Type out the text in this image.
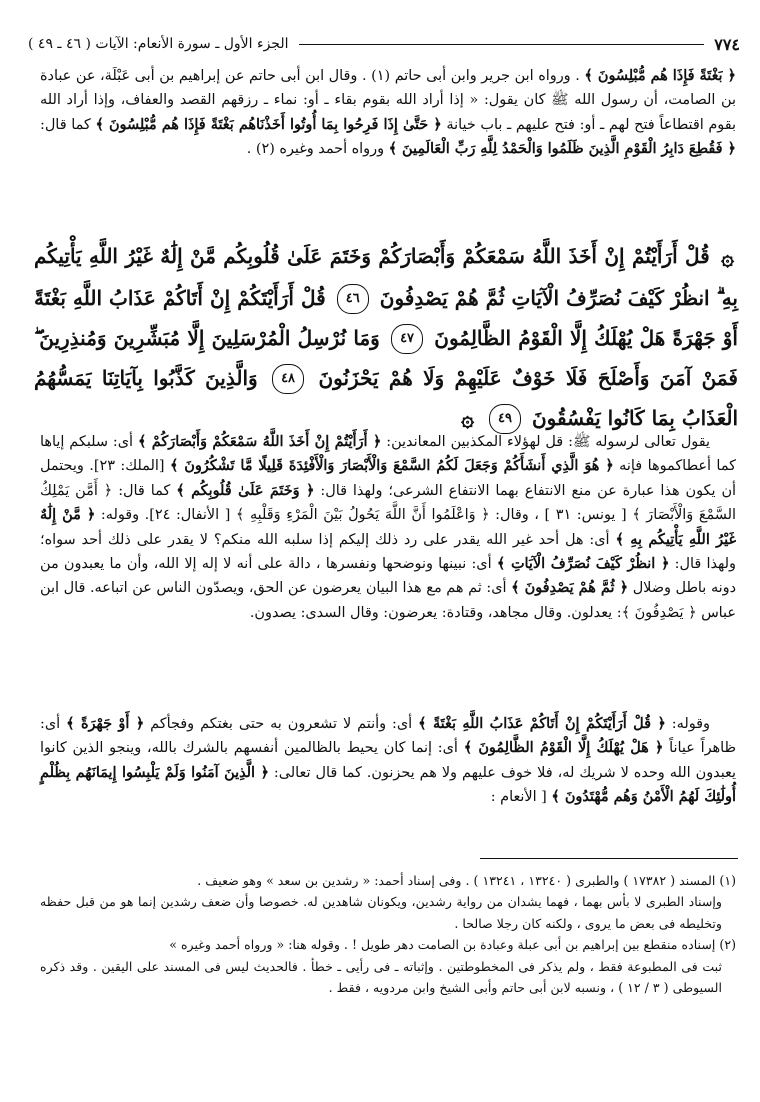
٧٧٤
الجزء الأول ـ سورة الأنعام: الآيات ( ٤٦ ـ ٤٩ )

﴿ بَغْتَةً فَإِذَا هُم مُّبْلِسُونَ ﴾ . ورواه ابن جرير وابن أبى حاتم (١) . وقال ابن أبى حاتم عن إبراهيم بن أبى عَبْلَة، عن عبادة بن الصامت، أن رسول الله ﷺ كان يقول: « إذا أراد الله بقوم بقاء ـ أو: نماء ـ رزقهم القصد والعفاف، وإذا أراد الله بقوم اقتطاعاً فتح لهم ـ أو: فتح عليهم ـ باب خيانة ﴿ حَتَّىٰ إِذَا فَرِحُوا بِمَا أُوتُوا أَخَذْنَاهُم بَغْتَةً فَإِذَا هُم مُّبْلِسُونَ ﴾ كما قال: ﴿ فَقُطِعَ دَابِرُ الْقَوْمِ الَّذِينَ ظَلَمُوا وَالْحَمْدُ لِلَّهِ رَبِّ الْعَالَمِينَ ﴾ ورواه أحمد وغيره (٢) .

۞ قُلْ أَرَأَيْتُمْ إِنْ أَخَذَ اللَّهُ سَمْعَكُمْ وَأَبْصَارَكُمْ وَخَتَمَ عَلَىٰ قُلُوبِكُم مَّنْ إِلَٰهٌ غَيْرُ اللَّهِ يَأْتِيكُم بِهِ ۗ انظُرْ كَيْفَ نُصَرِّفُ الْآيَاتِ ثُمَّ هُمْ يَصْدِفُونَ ٤٦ قُلْ أَرَأَيْتَكُمْ إِنْ أَتَاكُمْ عَذَابُ اللَّهِ بَغْتَةً أَوْ جَهْرَةً هَلْ يُهْلَكُ إِلَّا الْقَوْمُ الظَّالِمُونَ ٤٧ وَمَا نُرْسِلُ الْمُرْسَلِينَ إِلَّا مُبَشِّرِينَ وَمُنذِرِينَ ۖ فَمَنْ آمَنَ وَأَصْلَحَ فَلَا خَوْفٌ عَلَيْهِمْ وَلَا هُمْ يَحْزَنُونَ ٤٨ وَالَّذِينَ كَذَّبُوا بِآيَاتِنَا يَمَسُّهُمُ الْعَذَابُ بِمَا كَانُوا يَفْسُقُونَ ٤٩ ۞

يقول تعالى لرسوله ﷺ: قل لهؤلاء المكذبين المعاندين: ﴿ أَرَأَيْتُمْ إِنْ أَخَذَ اللَّهُ سَمْعَكُمْ وَأَبْصَارَكُمْ ﴾ أى: سلبكم إياها كما أعطاكموها فإنه ﴿ هُوَ الَّذِي أَنشَأَكُمْ وَجَعَلَ لَكُمُ السَّمْعَ وَالْأَبْصَارَ وَالْأَفْئِدَةَ قَلِيلًا مَّا تَشْكُرُونَ ﴾ [الملك: ٢٣]. ويحتمل أن يكون هذا عبارة عن منع الانتفاع بهما الانتفاع الشرعى؛ ولهذا قال: ﴿ وَخَتَمَ عَلَىٰ قُلُوبِكُم ﴾ كما قال: ﴿ أَمَّن يَمْلِكُ السَّمْعَ وَالْأَبْصَارَ ﴾ [ يونس: ٣١ ] ، وقال: ﴿ وَاعْلَمُوا أَنَّ اللَّهَ يَحُولُ بَيْنَ الْمَرْءِ وَقَلْبِهِ ﴾ [ الأنفال: ٢٤]. وقوله: ﴿ مَّنْ إِلَٰهٌ غَيْرُ اللَّهِ يَأْتِيكُم بِهِ ﴾ أى: هل أحد غير الله يقدر على رد ذلك إليكم إذا سلبه الله منكم؟ لا يقدر على ذلك أحد سواه؛ ولهذا قال: ﴿ انظُرْ كَيْفَ نُصَرِّفُ الْآيَاتِ ﴾ أى: نبينها ونوضحها ونفسرها ، دالة على أنه لا إله إلا الله، وأن ما يعبدون من دونه باطل وضلال ﴿ ثُمَّ هُمْ يَصْدِفُونَ ﴾ أى: ثم هم مع هذا البيان يعرضون عن الحق، ويصدّون الناس عن اتباعه. قال ابن عباس ﴿ يَصْدِفُونَ ﴾: يعدلون. وقال مجاهد، وقتادة: يعرضون: وقال السدى: يصدون.

وقوله: ﴿ قُلْ أَرَأَيْتَكُمْ إِنْ أَتَاكُمْ عَذَابُ اللَّهِ بَغْتَةً ﴾ أى: وأنتم لا تشعرون به حتى بغتكم وفجأكم ﴿ أَوْ جَهْرَةً ﴾ أى: ظاهراً عياناً ﴿ هَلْ يُهْلَكُ إِلَّا الْقَوْمُ الظَّالِمُونَ ﴾ أى: إنما كان يحيط بالظالمين أنفسهم بالشرك بالله، وينجو الذين كانوا يعبدون الله وحده لا شريك له، فلا خوف عليهم ولا هم يحزنون. كما قال تعالى: ﴿ الَّذِينَ آمَنُوا وَلَمْ يَلْبِسُوا إِيمَانَهُم بِظُلْمٍ أُولَٰئِكَ لَهُمُ الْأَمْنُ وَهُم مُّهْتَدُونَ ﴾ [ الأنعام :

(١) المسند ( ١٧٣٨٢ ) والطبرى ( ١٣٢٤٠ ، ١٣٢٤١ ) . وفى إسناد أحمد: « رشدين بن سعد » وهو ضعيف .

وإسناد الطبرى لا بأس بهما ، فهما يشدان من رواية رشدين، ويكونان شاهدين له. خصوصا وأن ضعف رشدين إنما هو من قبل حفظه وتخليطه فى بعض ما يروى ، ولكنه كان رجلا صالحا .

(٢) إسناده منقطع بين إبراهيم بن أبى عبلة وعبادة بن الصامت دهر طويل ! . وقوله هنا: « ورواه أحمد وغيره »

ثبت فى المطبوعة فقط ، ولم يذكر فى المخطوطتين . وإثباته ـ فى رأيى ـ خطأ . فالحديث ليس فى المسند على اليقين . وقد ذكره السيوطى ( ٣ / ١٢ ) ، ونسبه لابن أبى حاتم وأبى الشيخ وابن مردويه ، فقط .
